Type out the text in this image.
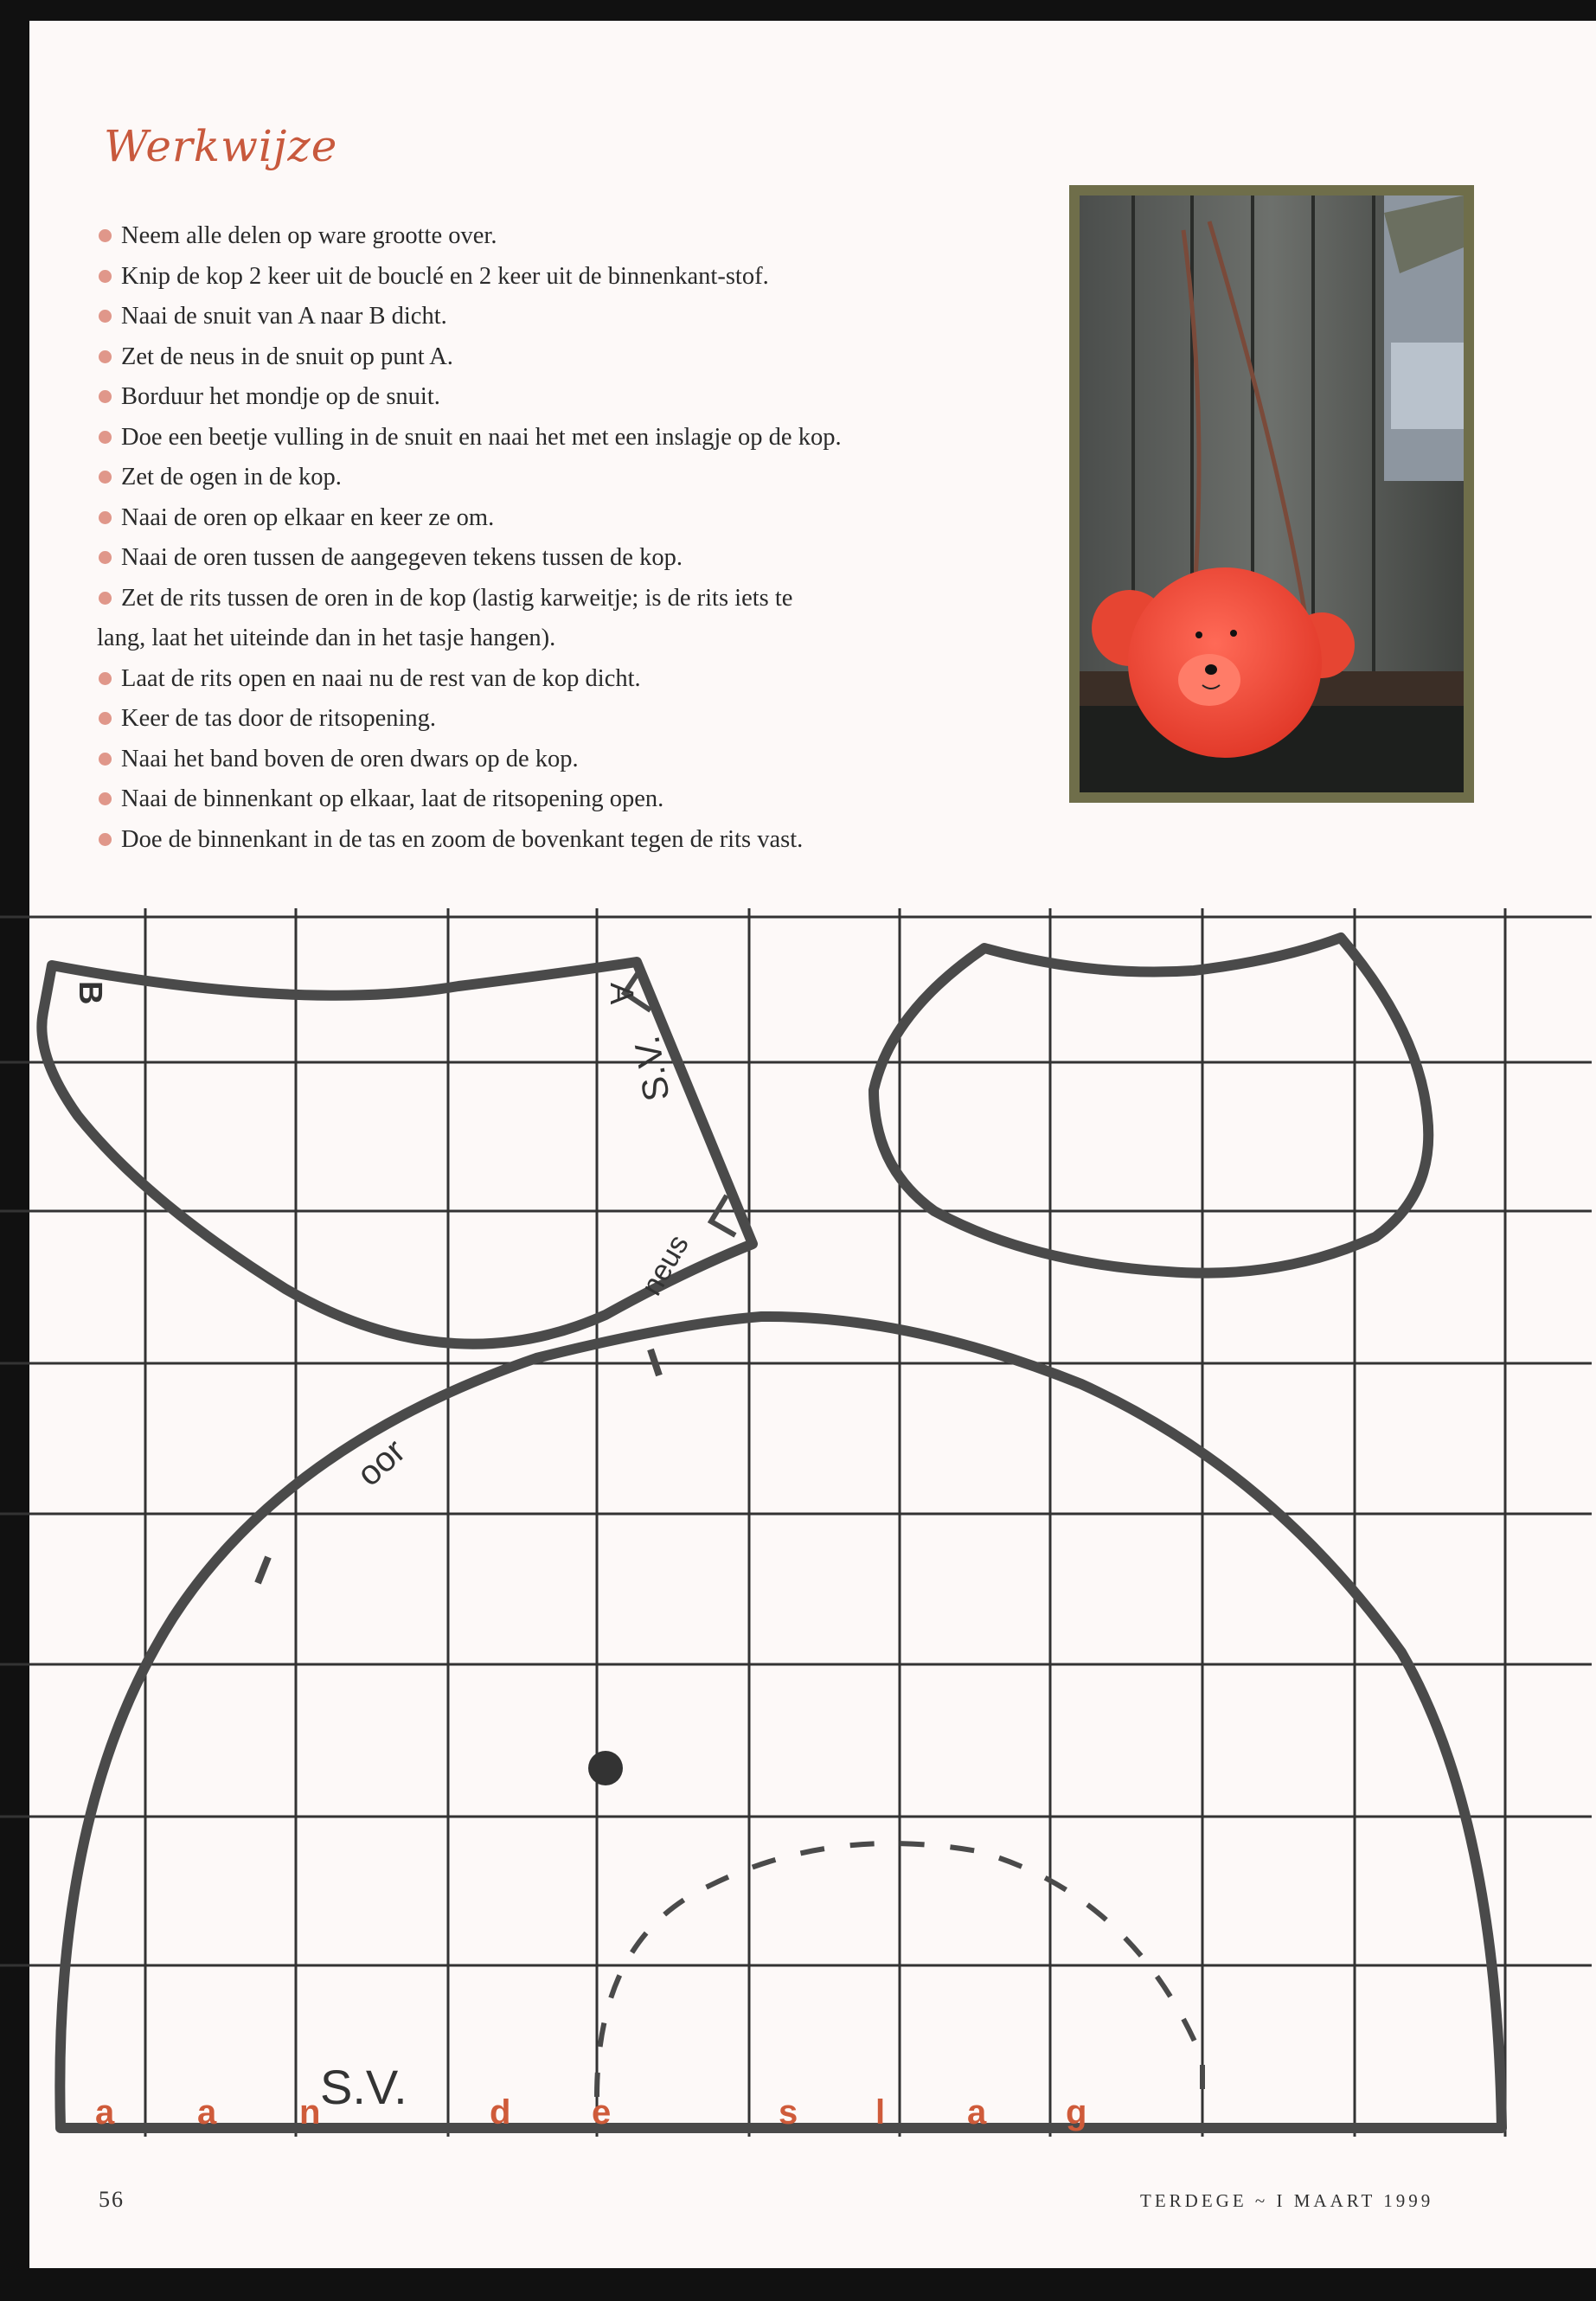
Werkwijze
Neem alle delen op ware grootte over.
Knip de kop 2 keer uit de bouclé en 2 keer uit de binnenkant-stof.
Naai de snuit van A naar B dicht.
Zet de neus in de snuit op punt A.
Borduur het mondje op de snuit.
Doe een beetje vulling in de snuit en naai het met een inslagje op de kop.
Zet de ogen in de kop.
Naai de oren op elkaar en keer ze om.
Naai de oren tussen de aangegeven tekens tussen de kop.
Zet de rits tussen de oren in de kop (lastig karweitje; is de rits iets te
lang, laat het uiteinde dan in het tasje hangen).
Laat de rits open en naai nu de rest van de kop dicht.
Keer de tas door de ritsopening.
Naai het band boven de oren dwars op de kop.
Naai de binnenkant op elkaar, laat de ritsopening open.
Doe de binnenkant in de tas en zoom de bovenkant tegen de rits vast.
B	A
S.V.
neus
oor
S.V.
a a n	d e	s l a g
56	TERDEGE ~ I MAART 1999
